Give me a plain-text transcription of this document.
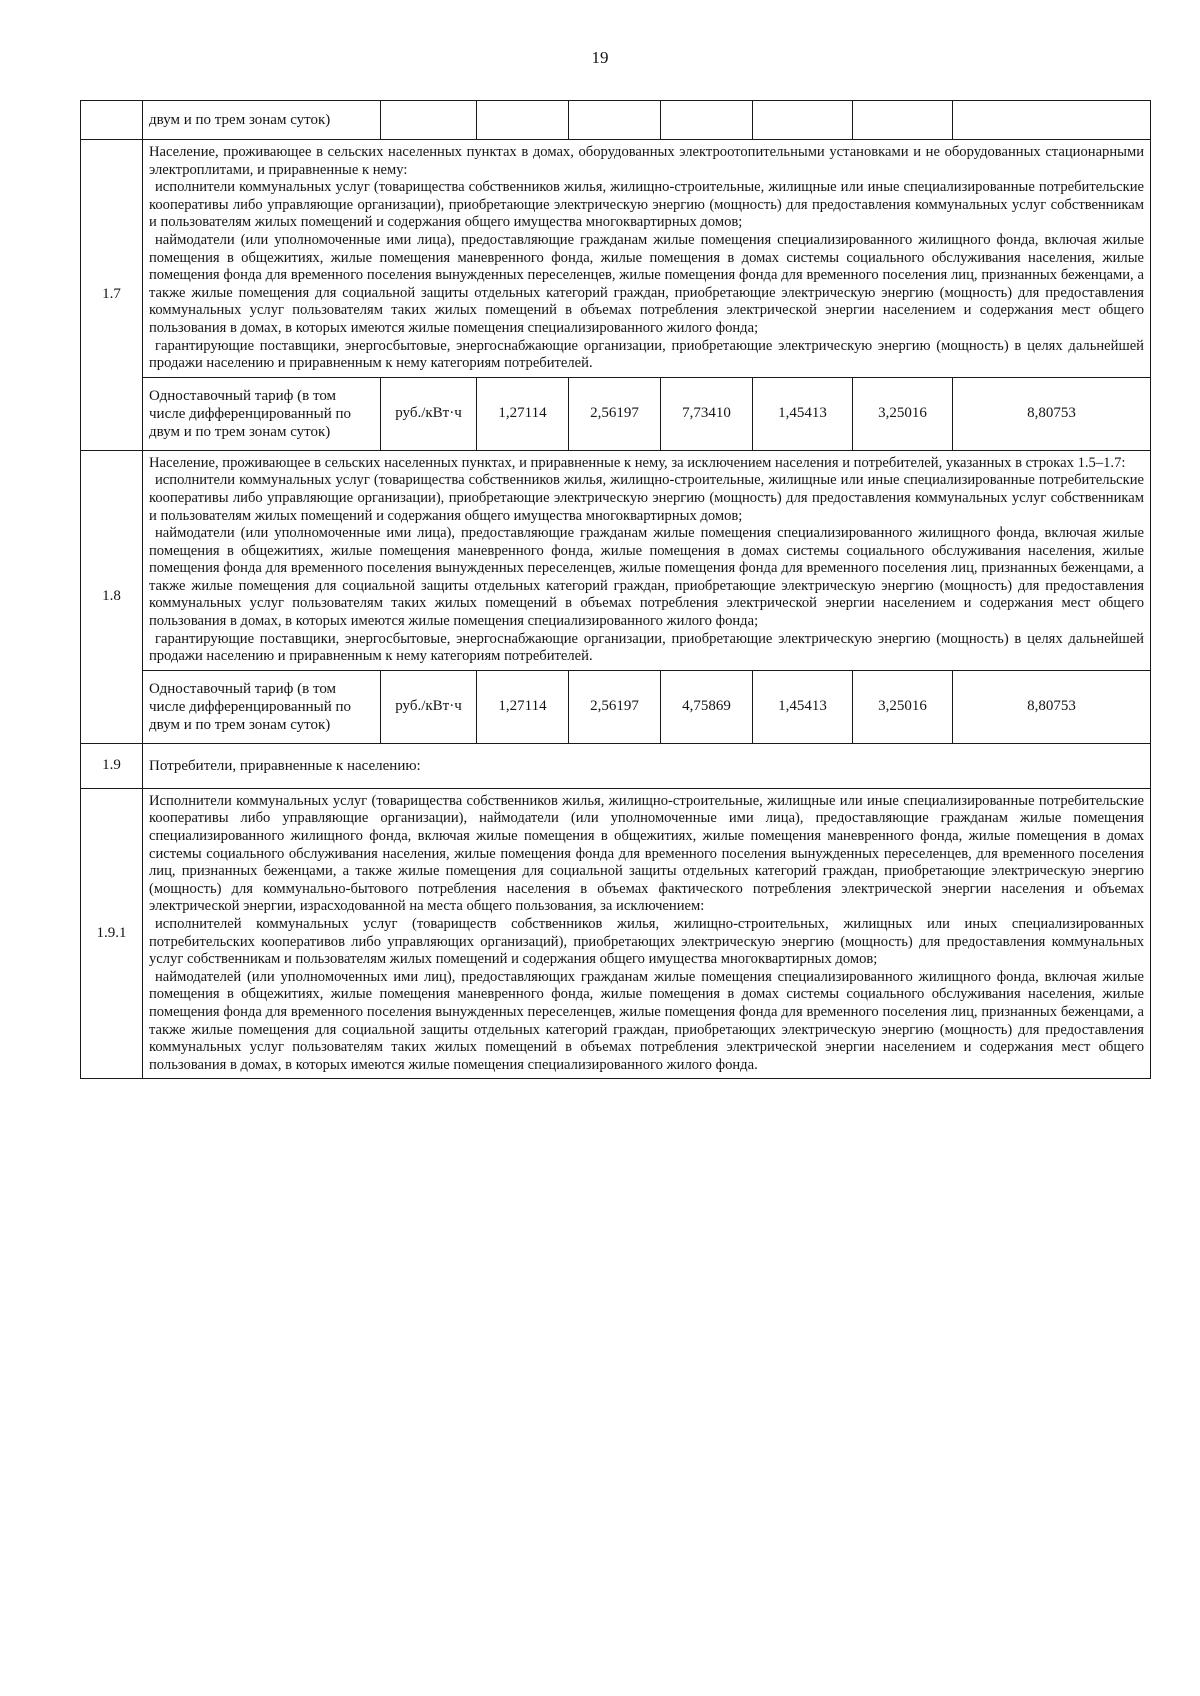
19
	двум и по трем зонам суток)							
1.7	Население, проживающее в сельских населенных пунктах в домах, оборудованных электроотопительными установками и не оборудованных стационарными электроплитами, и приравненные к нему:

исполнители коммунальных услуг (товарищества собственников жилья, жилищно-строительные, жилищные или иные специализированные потребительские кооперативы либо управляющие организации), приобретающие электрическую энергию (мощность) для предоставления коммунальных услуг собственникам и пользователям жилых помещений и содержания общего имущества многоквартирных домов;

наймодатели (или уполномоченные ими лица), предоставляющие гражданам жилые помещения специализированного жилищного фонда, включая жилые помещения в общежитиях, жилые помещения маневренного фонда, жилые помещения в домах системы социального обслуживания населения, жилые помещения фонда для временного поселения вынужденных переселенцев, жилые помещения фонда для временного поселения лиц, признанных беженцами, а также жилые помещения для социальной защиты отдельных категорий граждан, приобретающие электрическую энергию (мощность) для предоставления коммунальных услуг пользователям таких жилых помещений в объемах потребления электрической энергии населением и содержания мест общего пользования в домах, в которых имеются жилые помещения специализированного жилого фонда;

гарантирующие поставщики, энергосбытовые, энергоснабжающие организации, приобретающие электрическую энергию (мощность) в целях дальнейшей продажи населению и приравненным к нему категориям потребителей.							

	Одноставочный тариф (в том числе дифференцированный по двум и по трем зонам суток)	руб./кВт·ч	1,27114	2,56197	7,73410	1,45413	3,25016	8,80753
1.8	Население, проживающее в сельских населенных пунктах, и приравненные к нему, за исключением населения и потребителей, указанных в строках 1.5–1.7:

исполнители коммунальных услуг (товарищества собственников жилья, жилищно-строительные, жилищные или иные специализированные потребительские кооперативы либо управляющие организации), приобретающие электрическую энергию (мощность) для предоставления коммунальных услуг собственникам и пользователям жилых помещений и содержания общего имущества многоквартирных домов;

наймодатели (или уполномоченные ими лица), предоставляющие гражданам жилые помещения специализированного жилищного фонда, включая жилые помещения в общежитиях, жилые помещения маневренного фонда, жилые помещения в домах системы социального обслуживания населения, жилые помещения фонда для временного поселения вынужденных переселенцев, жилые помещения фонда для временного поселения лиц, признанных беженцами, а также жилые помещения для социальной защиты отдельных категорий граждан, приобретающие электрическую энергию (мощность) для предоставления коммунальных услуг пользователям таких жилых помещений в объемах потребления электрической энергии населением и содержания мест общего пользования в домах, в которых имеются жилые помещения специализированного жилого фонда;

гарантирующие поставщики, энергосбытовые, энергоснабжающие организации, приобретающие электрическую энергию (мощность) в целях дальнейшей продажи населению и приравненным к нему категориям потребителей.							

	Одноставочный тариф (в том числе дифференцированный по двум и по трем зонам суток)	руб./кВт·ч	1,27114	2,56197	4,75869	1,45413	3,25016	8,80753
1.9	Потребители, приравненные к населению:							
1.9.1	Исполнители коммунальных услуг (товарищества собственников жилья, жилищно-строительные, жилищные или иные специализированные потребительские кооперативы либо управляющие организации), наймодатели (или уполномоченные ими лица), предоставляющие гражданам жилые помещения специализированного жилищного фонда, включая жилые помещения в общежитиях, жилые помещения маневренного фонда, жилые помещения в домах системы социального обслуживания населения, жилые помещения фонда для временного поселения вынужденных переселенцев, для временного поселения лиц, признанных беженцами, а также жилые помещения для социальной защиты отдельных категорий граждан, приобретающие электрическую энергию (мощность) для коммунально-бытового потребления населения в объемах фактического потребления электрической энергии населения и объемах электрической энергии, израсходованной на места общего пользования, за исключением:

исполнителей коммунальных услуг (товариществ собственников жилья, жилищно-строительных, жилищных или иных специализированных потребительских кооперативов либо управляющих организаций), приобретающих электрическую энергию (мощность) для предоставления коммунальных услуг собственникам и пользователям жилых помещений и содержания общего имущества многоквартирных домов;

наймодателей (или уполномоченных ими лиц), предоставляющих гражданам жилые помещения специализированного жилищного фонда, включая жилые помещения в общежитиях, жилые помещения маневренного фонда, жилые помещения в домах системы социального обслуживания населения, жилые помещения фонда для временного поселения вынужденных переселенцев, жилые помещения фонда для временного поселения лиц, признанных беженцами, а также жилые помещения для социальной защиты отдельных категорий граждан, приобретающих электрическую энергию (мощность) для предоставления коммунальных услуг пользователям таких жилых помещений в объемах потребления электрической энергии населением и содержания мест общего пользования в домах, в которых имеются жилые помещения специализированного жилого фонда.							
